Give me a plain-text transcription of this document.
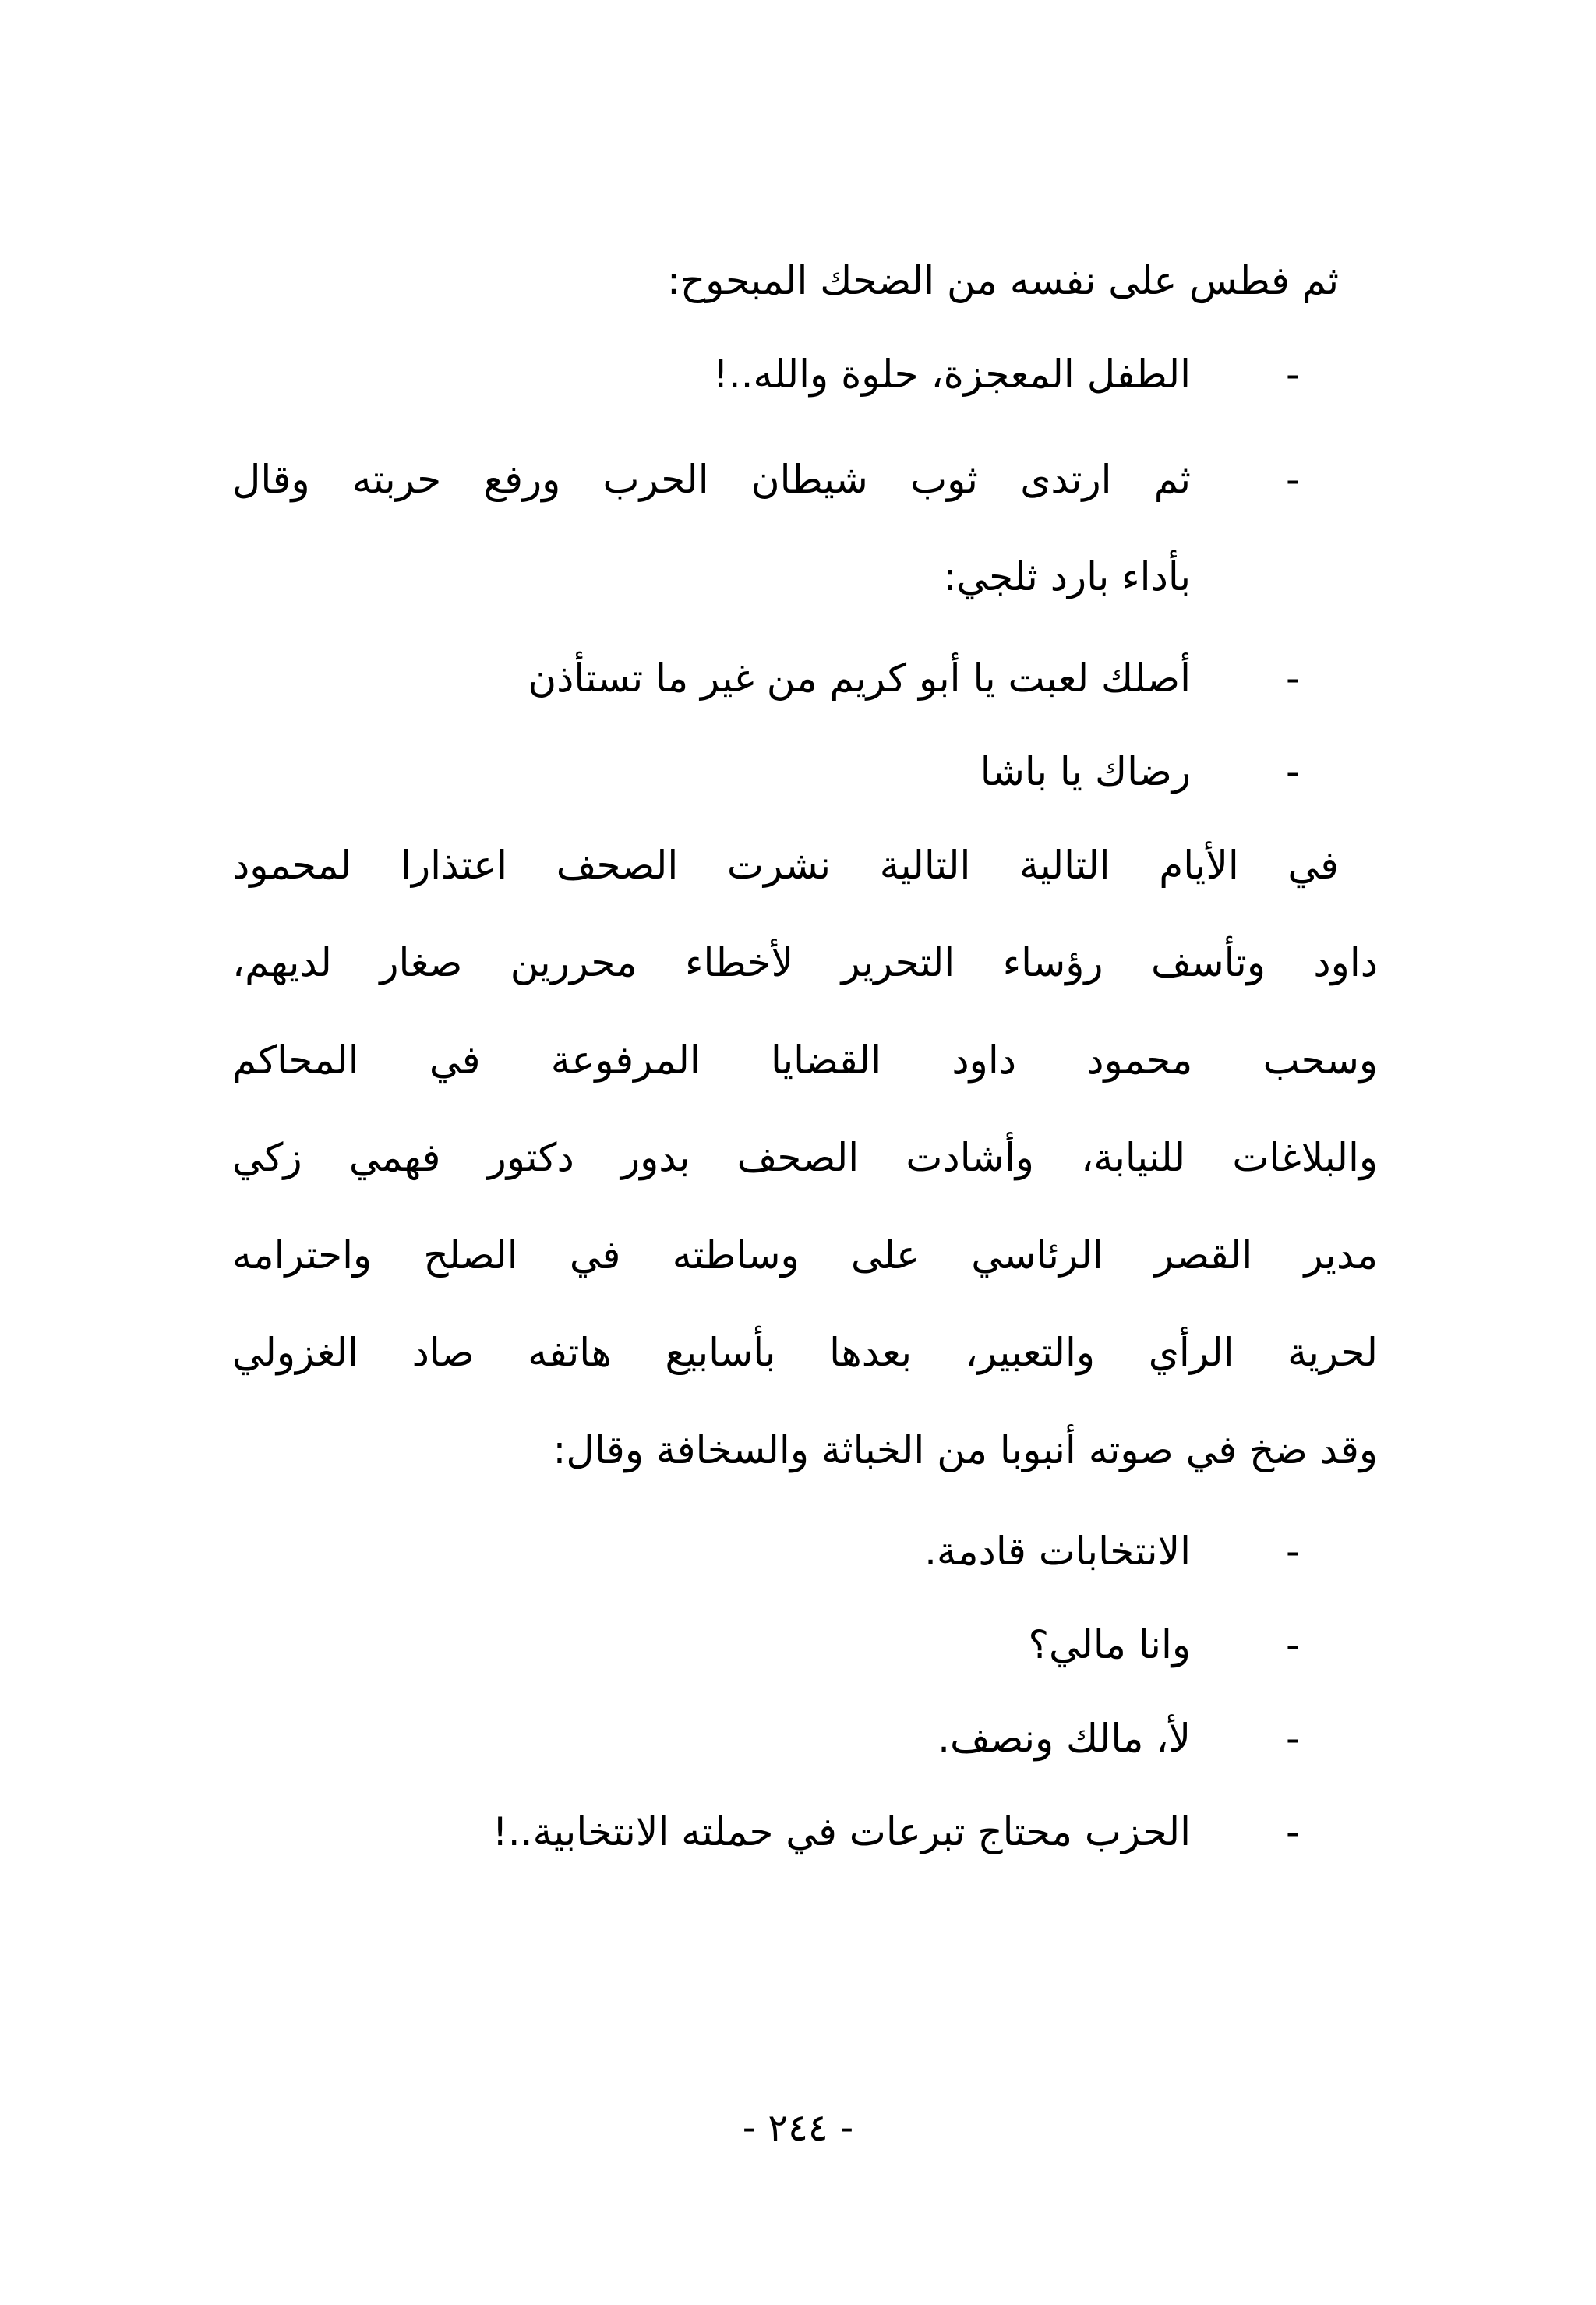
ثم فطس على نفسه من الضحك المبحوح:
-
الطفل المعجزة، حلوة والله..!
-
ثم ارتدى ثوب شيطان الحرب ورفع حربته وقال
بأداء بارد ثلجي:
-
أصلك لعبت يا أبو كريم من غير ما تستأذن
-
رضاك يا باشا
في الأيام التالية التالية نشرت الصحف اعتذارا لمحمود
داود وتأسف رؤساء التحرير لأخطاء محررين صغار لديهم،
وسحب محمود داود القضايا المرفوعة في المحاكم
والبلاغات للنيابة، وأشادت الصحف بدور دكتور فهمي زكي
مدير القصر الرئاسي على وساطته في الصلح واحترامه
لحرية الرأي والتعبير، بعدها بأسابيع هاتفه صاد الغزولي
وقد ضخ في صوته أنبوبا من الخباثة والسخافة وقال:
-
الانتخابات قادمة.
-
وانا مالي؟
-
لأ، مالك ونصف.
-
الحزب محتاج تبرعات في حملته الانتخابية..!
- ٢٤٤ -
